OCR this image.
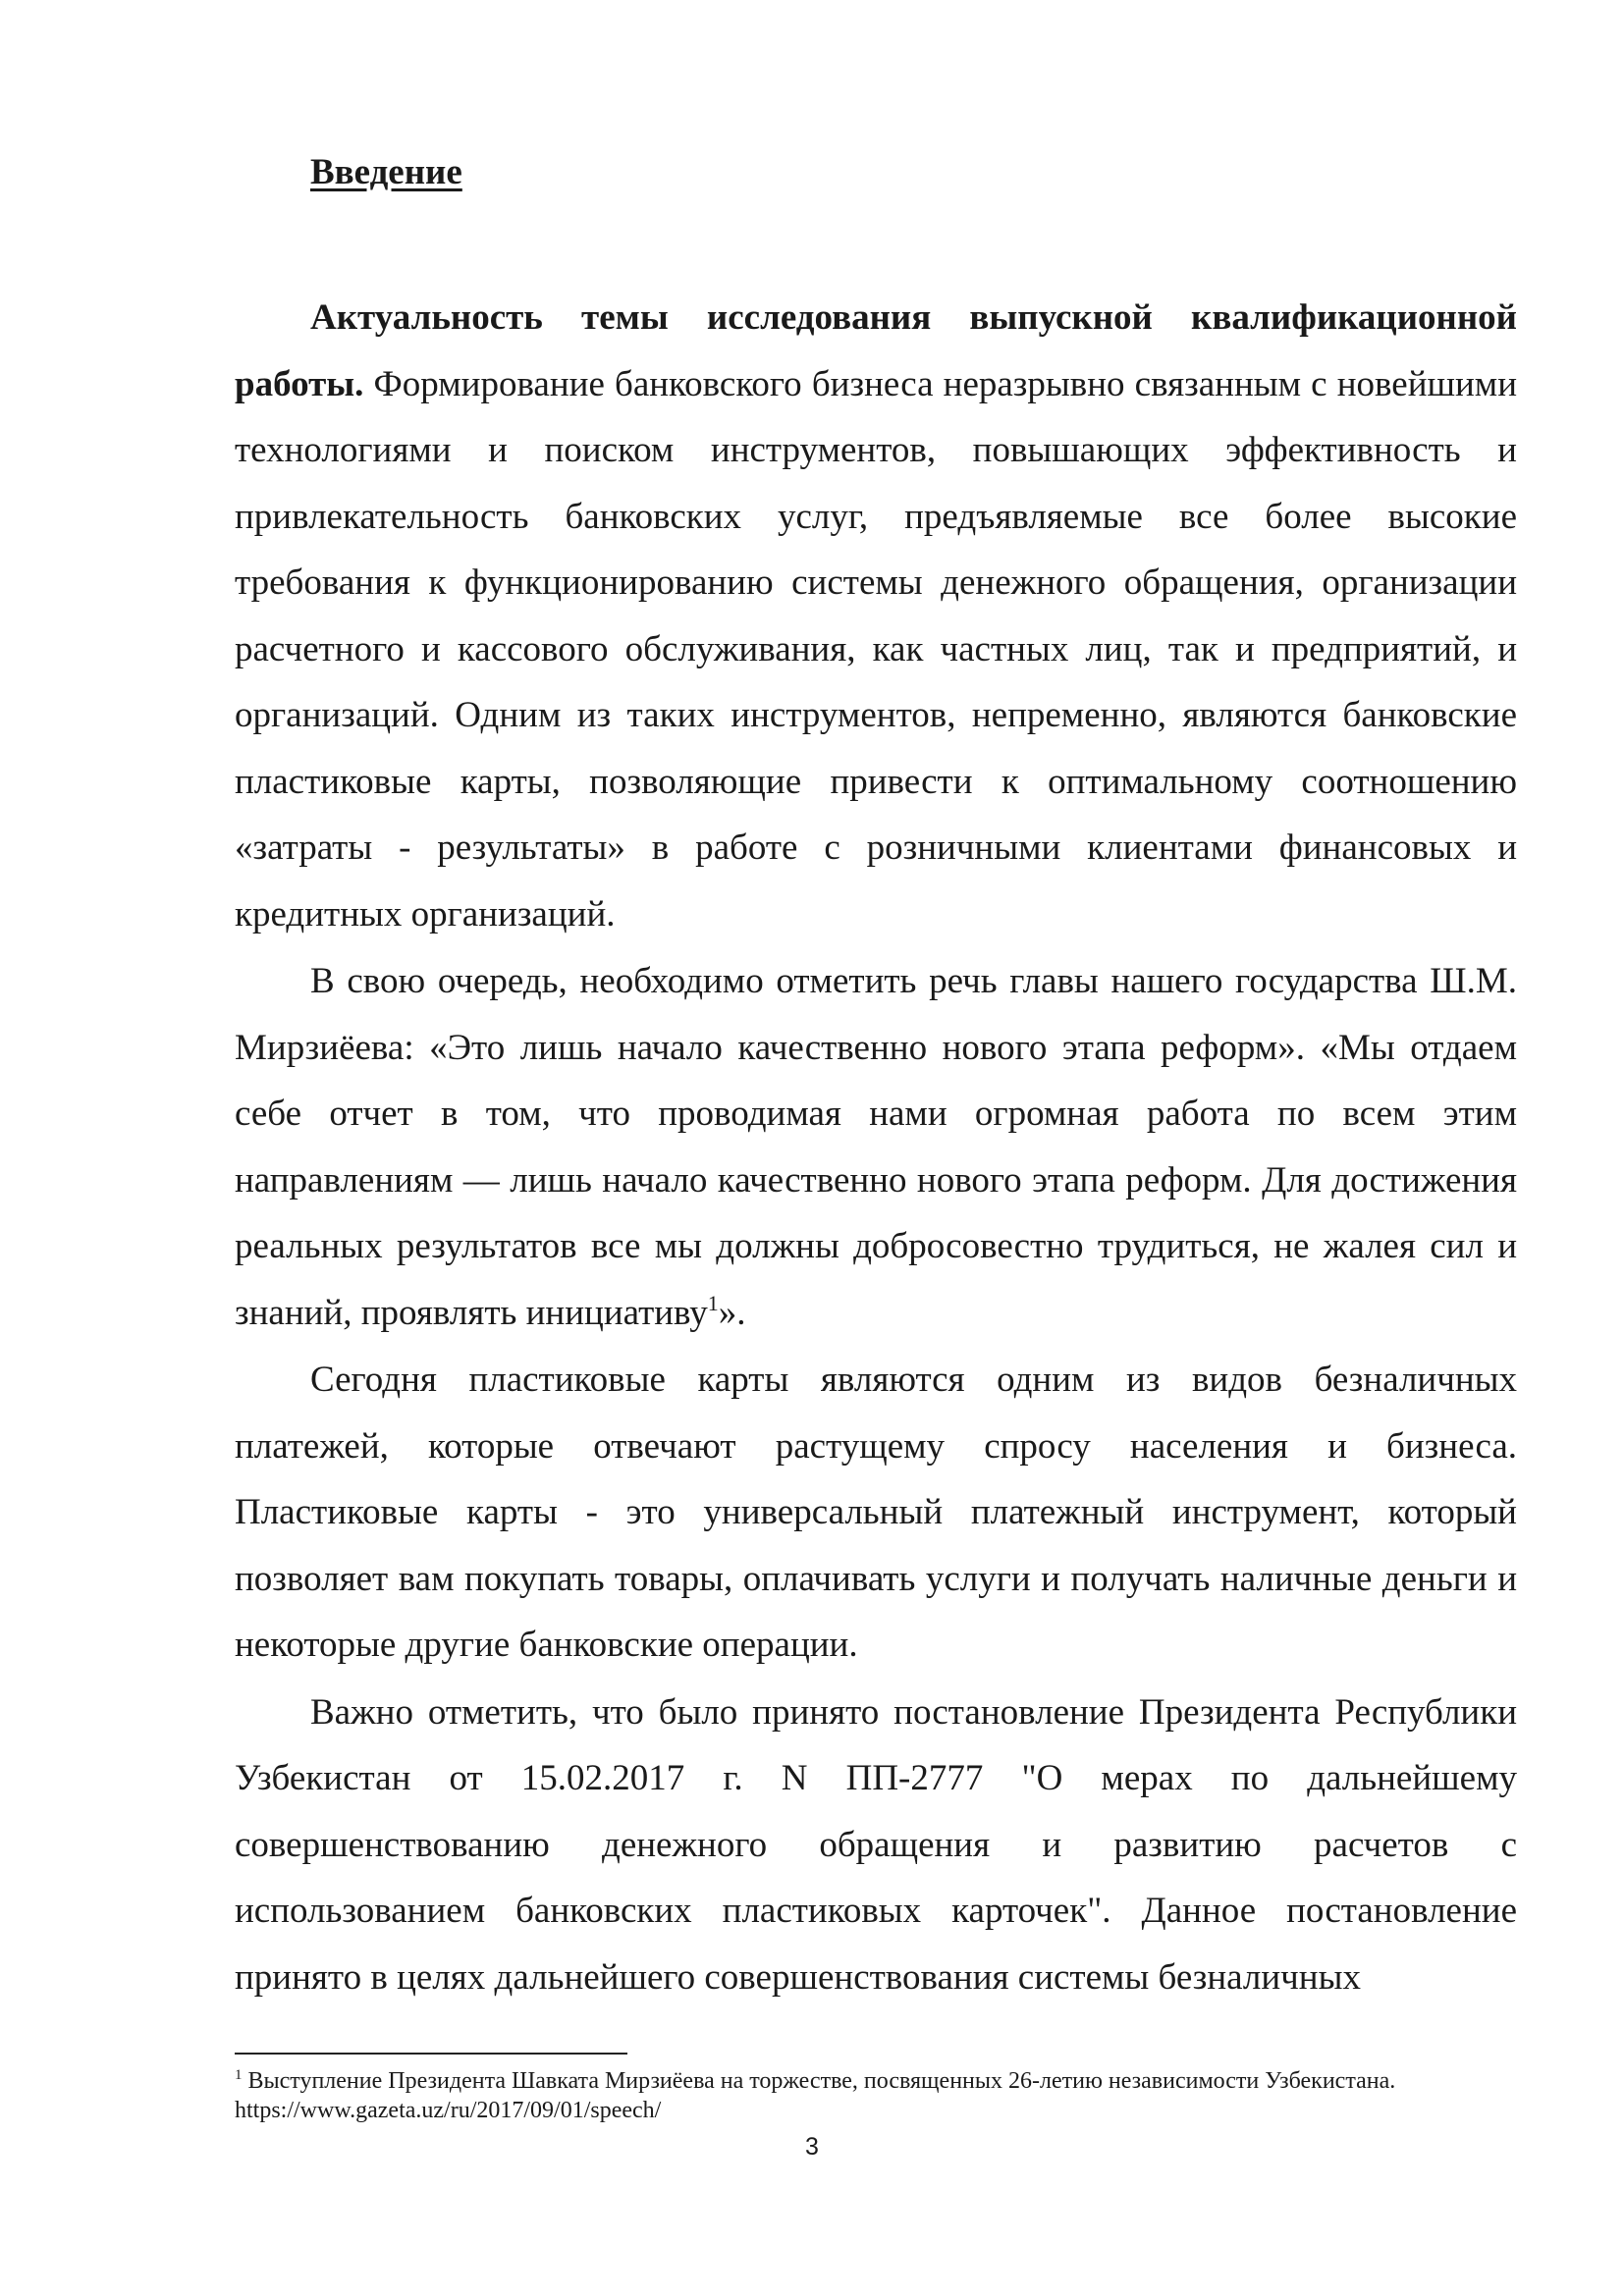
Введение

Актуальность темы исследования выпускной квалификационной работы. Формирование банковского бизнеса неразрывно связанным с новейшими технологиями и поиском инструментов, повышающих эффективность и привлекательность банковских услуг, предъявляемые все более высокие требования к функционированию системы денежного обращения, организации расчетного и кассового обслуживания, как частных лиц, так и предприятий, и организаций. Одним из таких инструментов, непременно, являются банковские пластиковые карты, позволяющие привести к оптимальному соотношению «затраты - результаты» в работе с розничными клиентами финансовых и кредитных организаций.

В свою очередь, необходимо отметить речь главы нашего государства Ш.М. Мирзиёева: «Это лишь начало качественно нового этапа реформ». «Мы отдаем себе отчет в том, что проводимая нами огромная работа по всем этим направлениям — лишь начало качественно нового этапа реформ. Для достижения реальных результатов все мы должны добросовестно трудиться, не жалея сил и знаний, проявлять инициативу$^1$».

Сегодня пластиковые карты являются одним из видов безналичных платежей, которые отвечают растущему спросу населения и бизнеса. Пластиковые карты - это универсальный платежный инструмент, который позволяет вам покупать товары, оплачивать услуги и получать наличные деньги и некоторые другие банковские операции.

Важно отметить, что было принято постановление Президента Республики Узбекистан от 15.02.2017 г. N ПП-2777 "О мерах по дальнейшему совершенствованию денежного обращения и развитию расчетов с использованием банковских пластиковых карточек". Данное постановление принято в целях дальнейшего совершенствования системы безналичных

$^1$ Выступление Президента Шавката Мирзиёева на торжестве, посвященных 26-летию независимости Узбекистана. https://www.gazeta.uz/ru/2017/09/01/speech/

3
